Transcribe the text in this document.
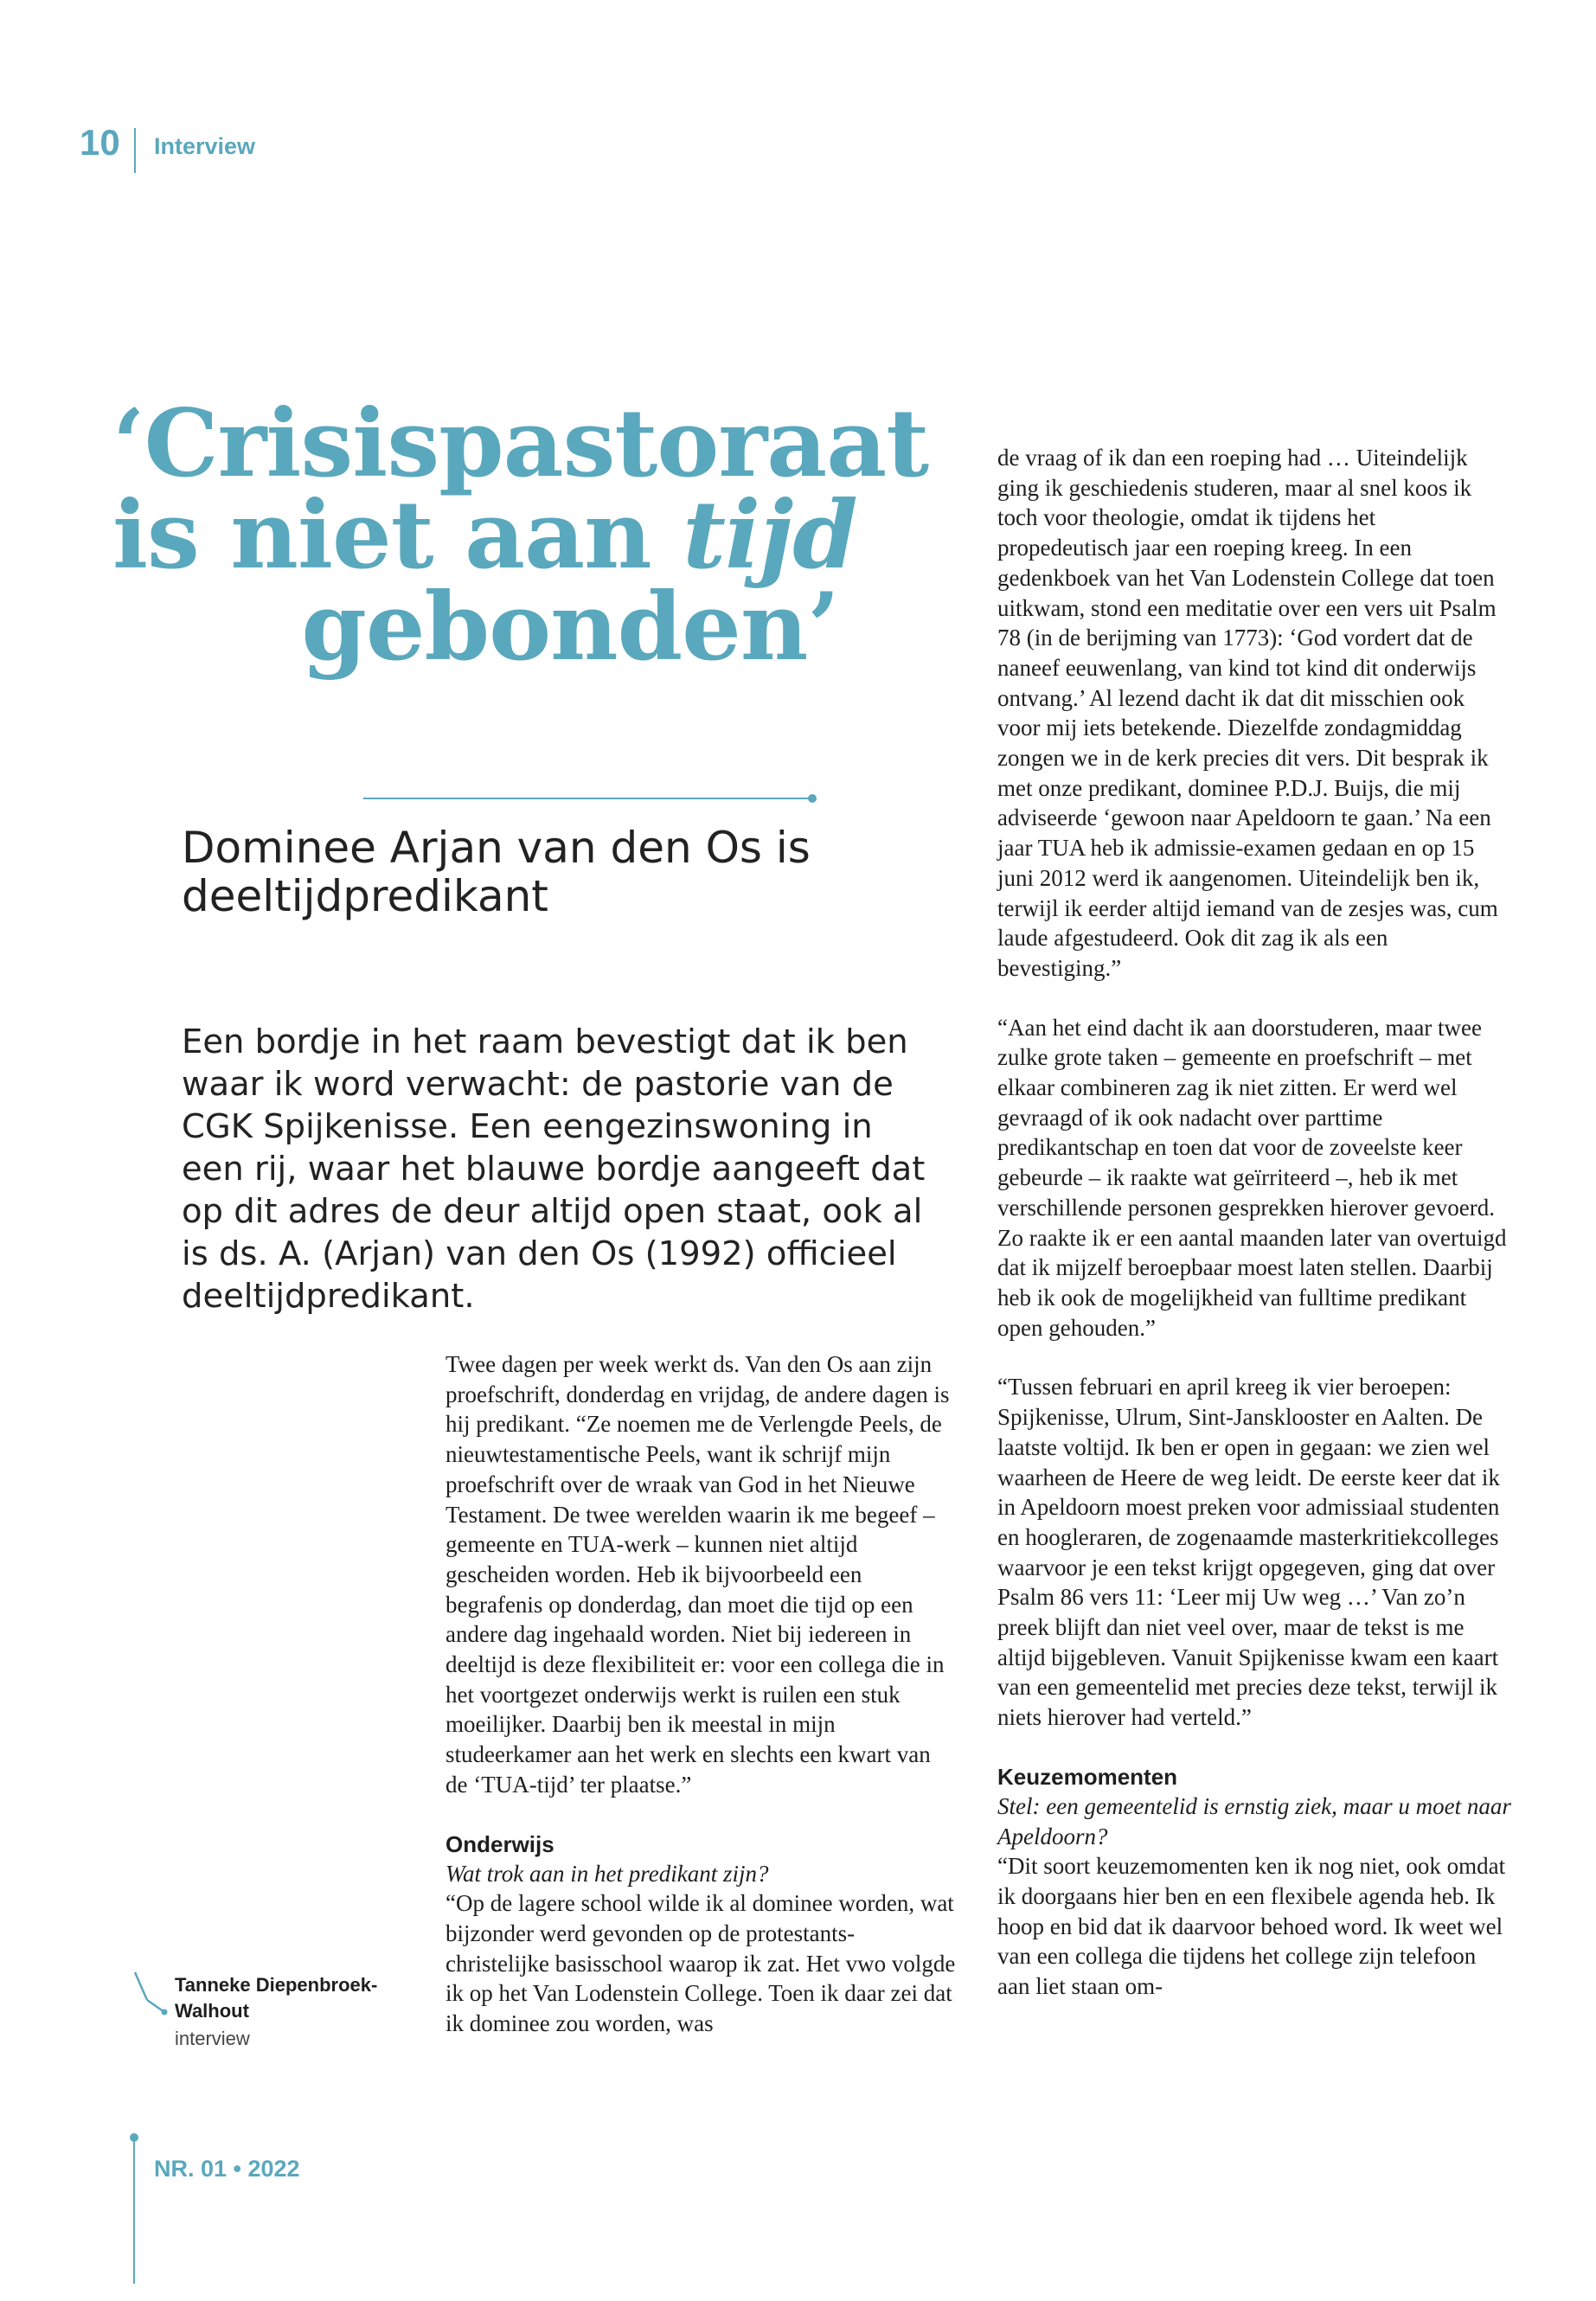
10 Interview
‘Crisispastoraat
is niet aan tijd
gebonden’
Dominee Arjan van den Os is deeltijdpredikant
Een bordje in het raam bevestigt dat ik ben waar ik word verwacht: de pastorie van de CGK Spijkenisse. Een eengezinswoning in een rij, waar het blauwe bordje aangeeft dat op dit adres de deur altijd open staat, ook al is ds. A. (Arjan) van den Os (1992) officieel deeltijdpredikant.

Twee dagen per week werkt ds. Van den Os aan zijn proefschrift, donderdag en vrijdag, de andere dagen is hij predikant. “Ze noemen me de Verlengde Peels, de nieuwtestamentische Peels, want ik schrijf mijn proefschrift over de wraak van God in het Nieuwe Testament. De twee werelden waarin ik me begeef – gemeente en TUA-werk – kunnen niet altijd gescheiden worden. Heb ik bijvoorbeeld een begrafenis op donderdag, dan moet die tijd op een andere dag ingehaald worden. Niet bij iedereen in deeltijd is deze flexibiliteit er: voor een collega die in het voortgezet onderwijs werkt is ruilen een stuk moeilijker. Daarbij ben ik meestal in mijn studeerkamer aan het werk en slechts een kwart van de ‘TUA-tijd’ ter plaatse.”

Onderwijs

Wat trok aan in het predikant zijn?

“Op de lagere school wilde ik al dominee worden, wat bijzonder werd gevonden op de protestants-christelijke basisschool waarop ik zat. Het vwo volgde ik op het Van Lodenstein College. Toen ik daar zei dat ik dominee zou worden, was

de vraag of ik dan een roeping had … Uiteindelijk ging ik geschiedenis studeren, maar al snel koos ik toch voor theologie, omdat ik tijdens het propedeutisch jaar een roeping kreeg. In een gedenkboek van het Van Lodenstein College dat toen uitkwam, stond een meditatie over een vers uit Psalm 78 (in de berijming van 1773): ‘God vordert dat de naneef eeuwenlang, van kind tot kind dit onderwijs ontvang.’ Al lezend dacht ik dat dit misschien ook voor mij iets betekende. Diezelfde zondagmiddag zongen we in de kerk precies dit vers. Dit besprak ik met onze predikant, dominee P.D.J. Buijs, die mij adviseerde ‘gewoon naar Apeldoorn te gaan.’ Na een jaar TUA heb ik admissie-examen gedaan en op 15 juni 2012 werd ik aangenomen. Uiteindelijk ben ik, terwijl ik eerder altijd iemand van de zesjes was, cum laude afgestudeerd. Ook dit zag ik als een bevestiging.”

“Aan het eind dacht ik aan doorstuderen, maar twee zulke grote taken – gemeente en proefschrift – met elkaar combineren zag ik niet zitten. Er werd wel gevraagd of ik ook nadacht over parttime predikantschap en toen dat voor de zoveelste keer gebeurde – ik raakte wat geïrriteerd –, heb ik met verschillende personen gesprekken hierover gevoerd. Zo raakte ik er een aantal maanden later van overtuigd dat ik mijzelf beroepbaar moest laten stellen. Daarbij heb ik ook de mogelijkheid van fulltime predikant open gehouden.”

“Tussen februari en april kreeg ik vier beroepen: Spijkenisse, Ulrum, Sint-Jansklooster en Aalten. De laatste voltijd. Ik ben er open in gegaan: we zien wel waarheen de Heere de weg leidt. De eerste keer dat ik in Apeldoorn moest preken voor admissiaal studenten en hoogleraren, de zogenaamde masterkritiekcolleges waarvoor je een tekst krijgt opgegeven, ging dat over Psalm 86 vers 11: ‘Leer mij Uw weg …’ Van zo’n preek blijft dan niet veel over, maar de tekst is me altijd bijgebleven. Vanuit Spijkenisse kwam een kaart van een gemeentelid met precies deze tekst, terwijl ik niets hierover had verteld.”

Keuzemomenten

Stel: een gemeentelid is ernstig ziek, maar u moet naar Apeldoorn?

“Dit soort keuzemomenten ken ik nog niet, ook omdat ik doorgaans hier ben en een flexibele agenda heb. Ik hoop en bid dat ik daarvoor behoed word. Ik weet wel van een collega die tijdens het college zijn telefoon aan liet staan om-

Tanneke Diepenbroek-Walhout
interview
NR. 01 • 2022
